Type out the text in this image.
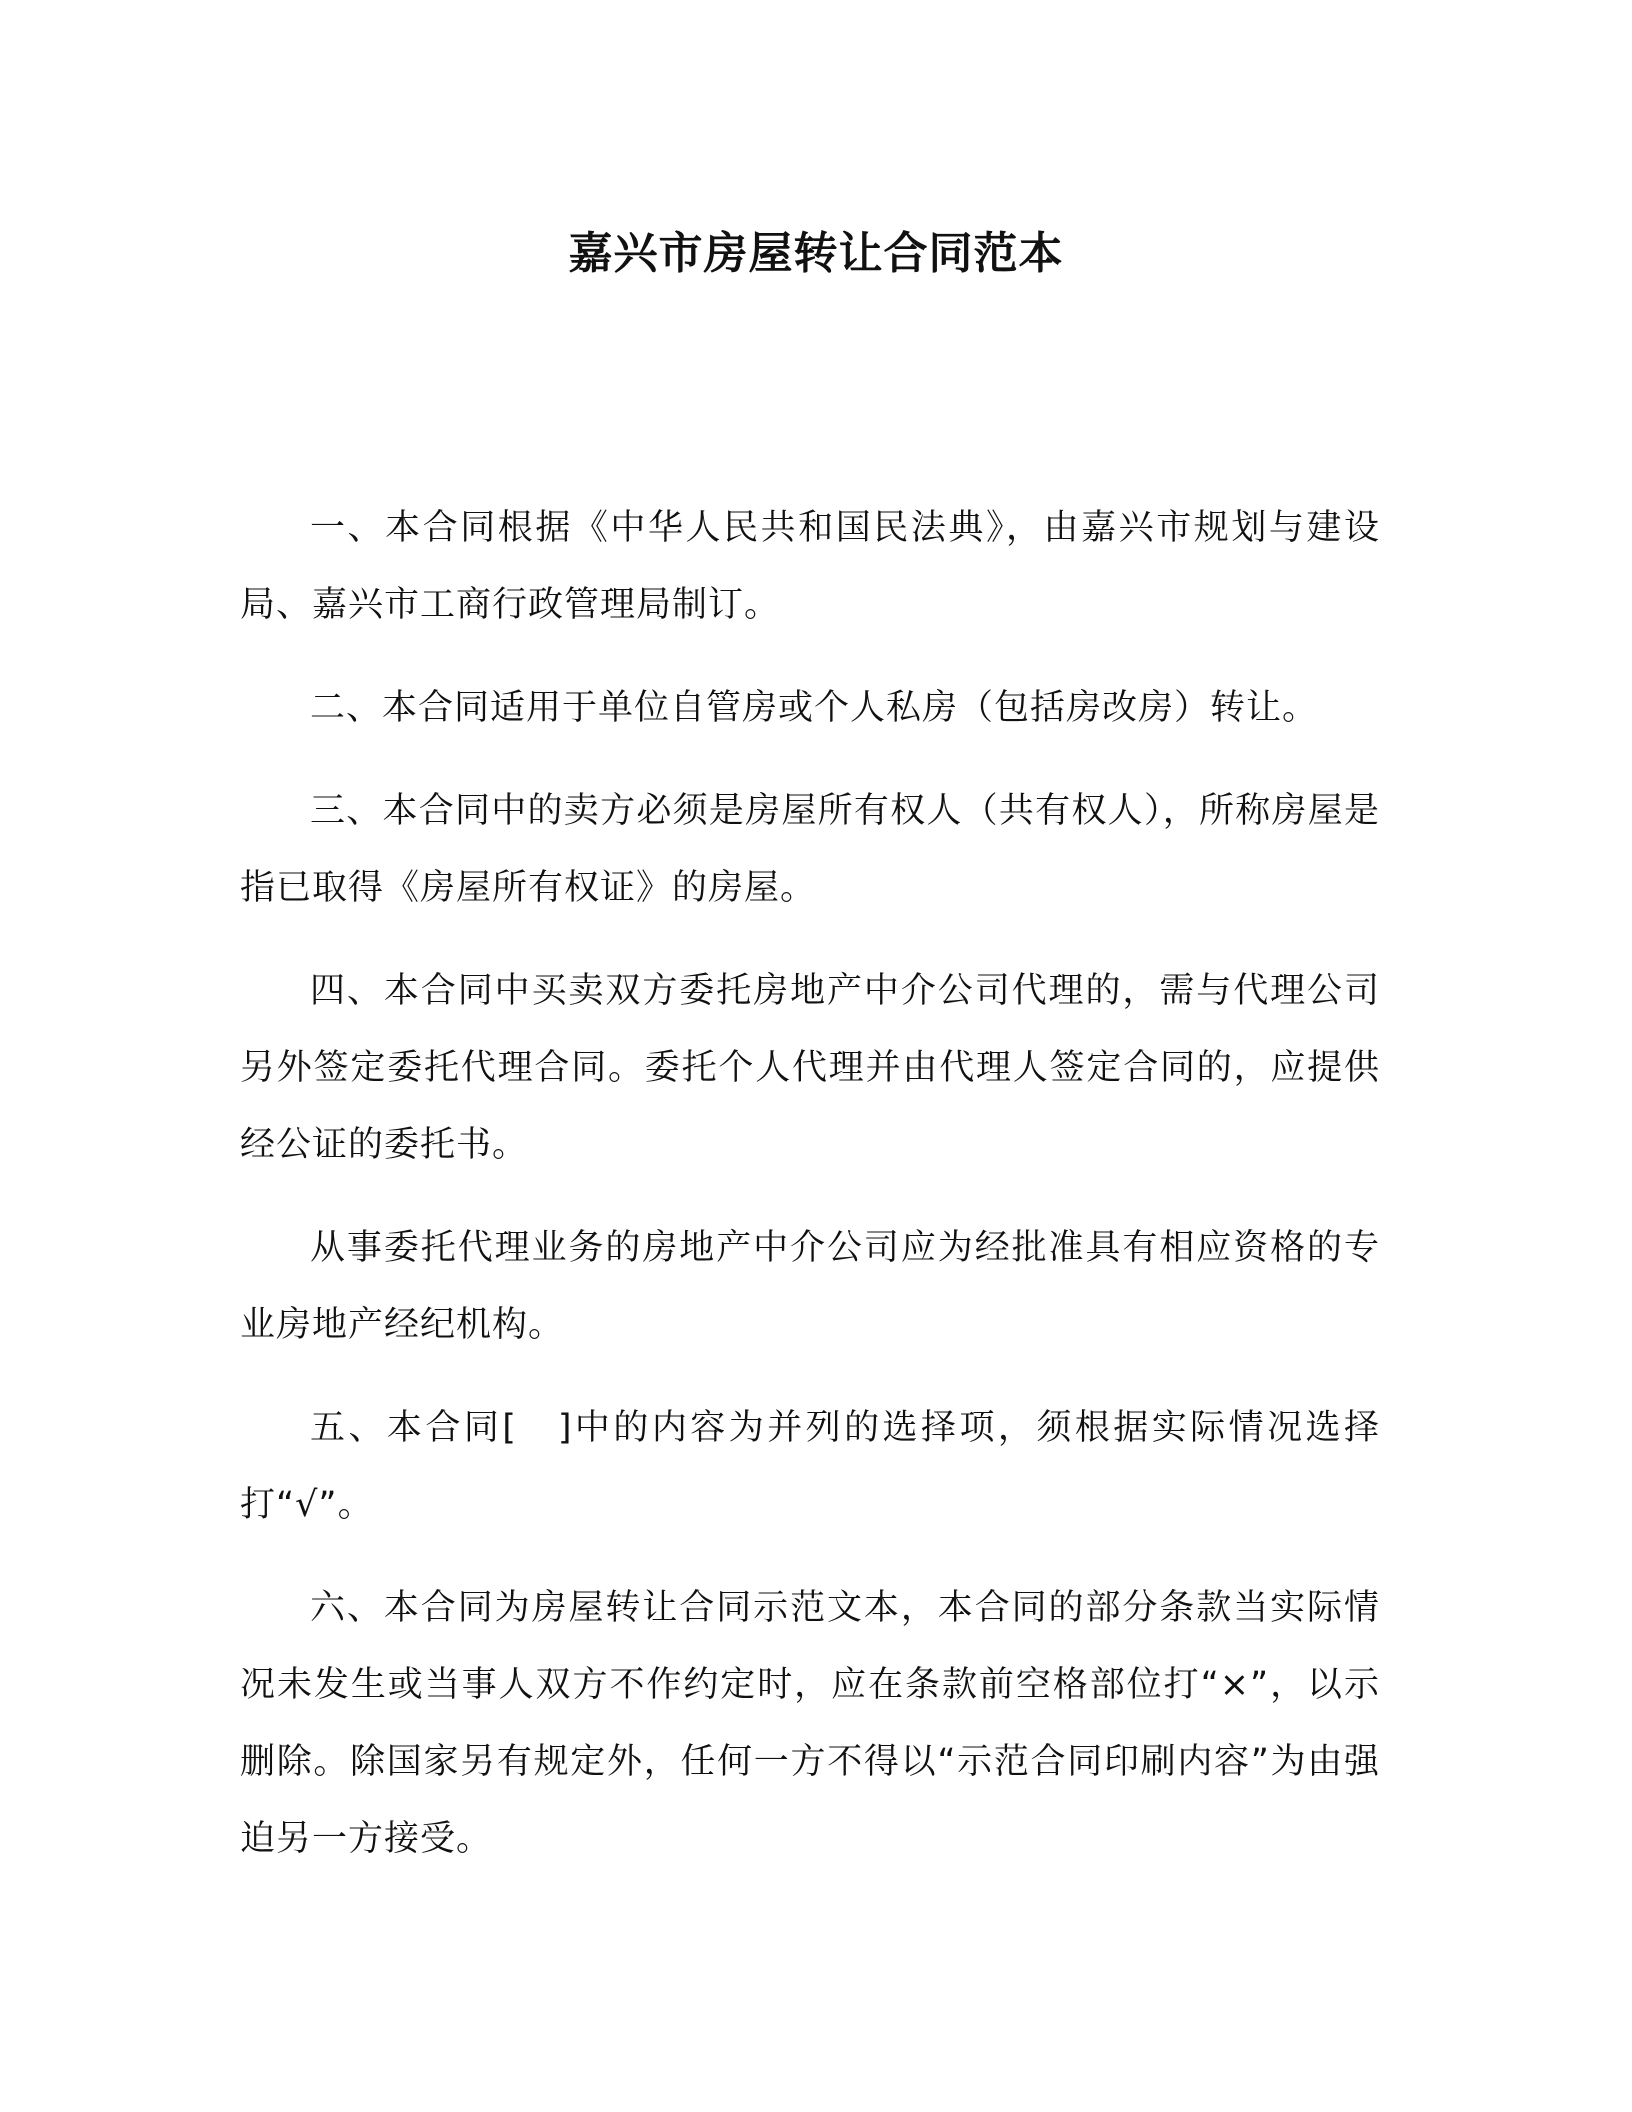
嘉兴市房屋转让合同范本

一、本合同根据《中华人民共和国民法典》，由嘉兴市规划与建设局、嘉兴市工商行政管理局制订。

二、本合同适用于单位自管房或个人私房（包括房改房）转让。

三、本合同中的卖方必须是房屋所有权人（共有权人），所称房屋是指已取得《房屋所有权证》的房屋。

四、本合同中买卖双方委托房地产中介公司代理的，需与代理公司另外签定委托代理合同。委托个人代理并由代理人签定合同的，应提供经公证的委托书。

从事委托代理业务的房地产中介公司应为经批准具有相应资格的专业房地产经纪机构。

五、本合同[　]中的内容为并列的选择项，须根据实际情况选择打“√”。

六、本合同为房屋转让合同示范文本，本合同的部分条款当实际情况未发生或当事人双方不作约定时，应在条款前空格部位打“×”，以示删除。除国家另有规定外，任何一方不得以“示范合同印刷内容”为由强迫另一方接受。
